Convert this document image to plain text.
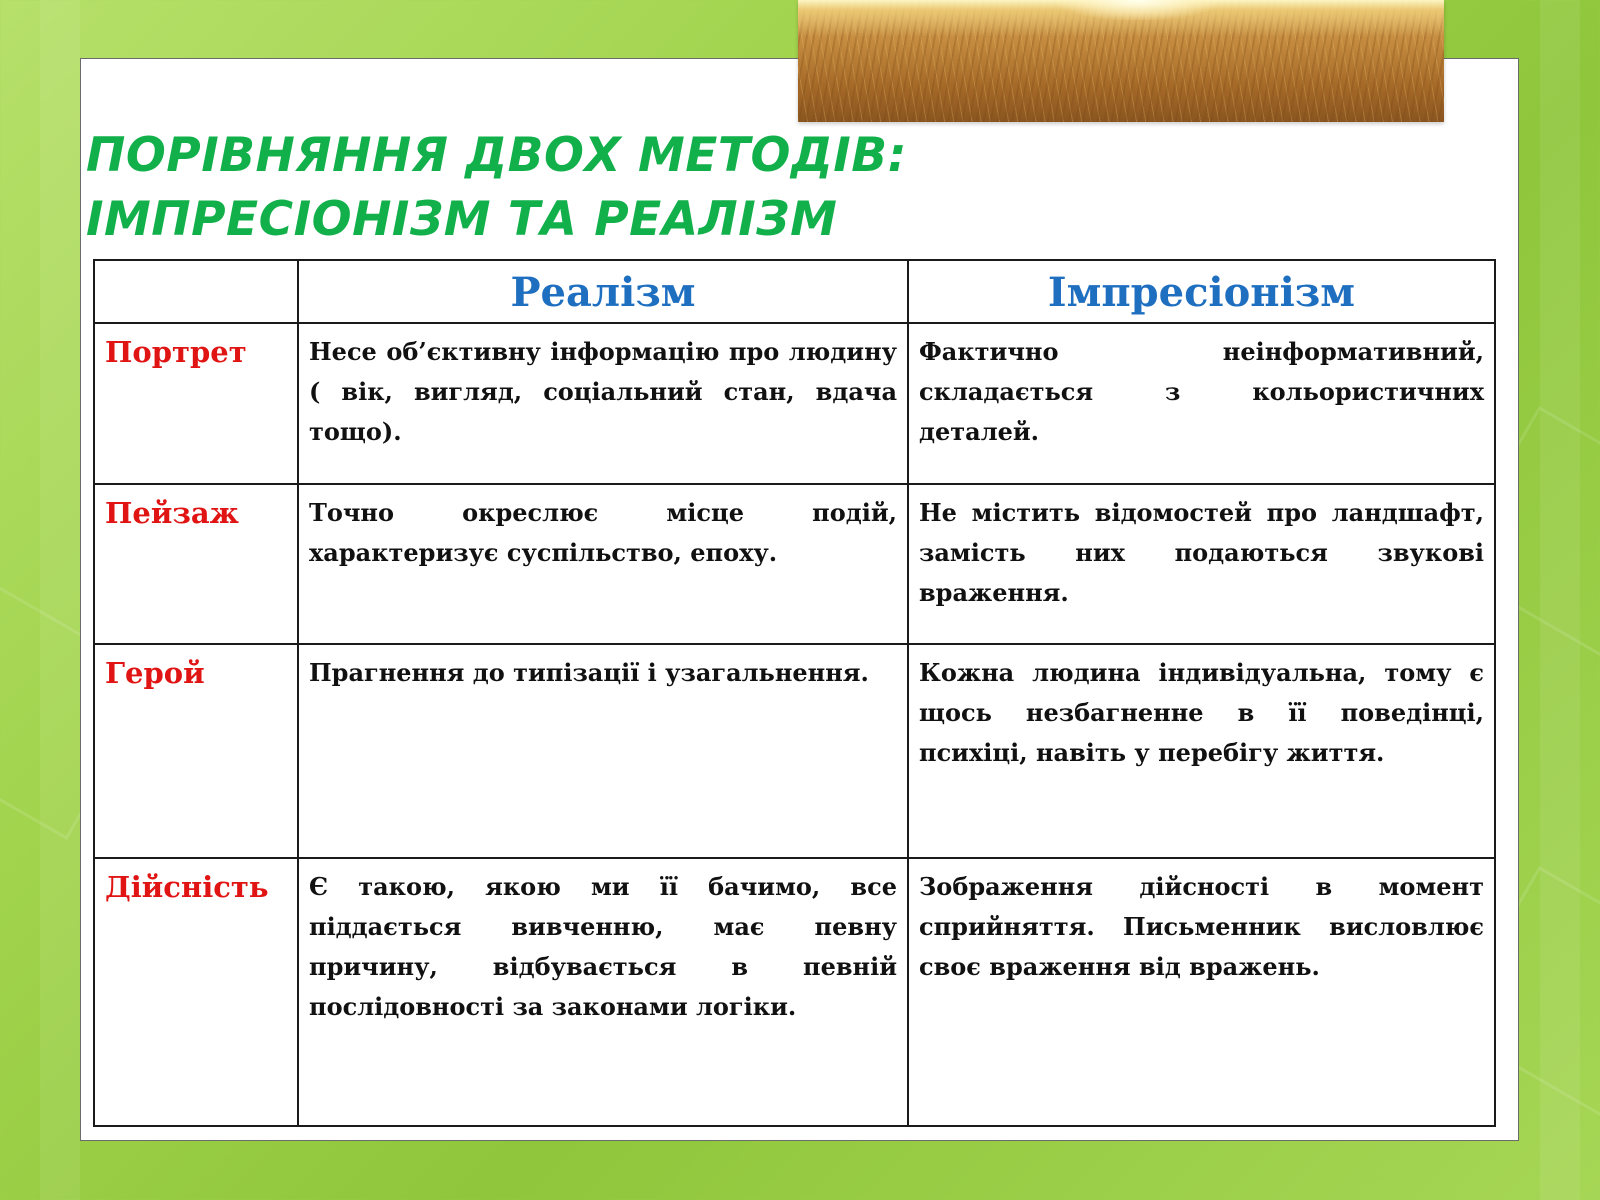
ПОРІВНЯННЯ ДВОХ МЕТОДІВ:
ІМПРЕСІОНІЗМ ТА РЕАЛІЗМ
	Реалізм	Імпресіонізм
Портрет	Несе об’єктивну інформацію про людину ( вік, вигляд, соціальний стан, вдача тощо).	Фактично неінформативний, складається з кольористичних деталей.
Пейзаж	Точно окреслює місце подій, характеризує суспільство, епоху.	Не містить відомостей про ландшафт, замість них подаються звукові враження.
Герой	Прагнення до типізації і узагальнення.	Кожна людина індивідуальна, тому є щось незбагненне в її поведінці, психіці, навіть у перебігу життя.
Дійсність	Є такою, якою ми її бачимо, все піддається вивченню, має певну причину, відбувається в певній послідовності за законами логіки.	Зображення дійсності в момент сприйняття. Письменник висловлює своє враження від вражень.
